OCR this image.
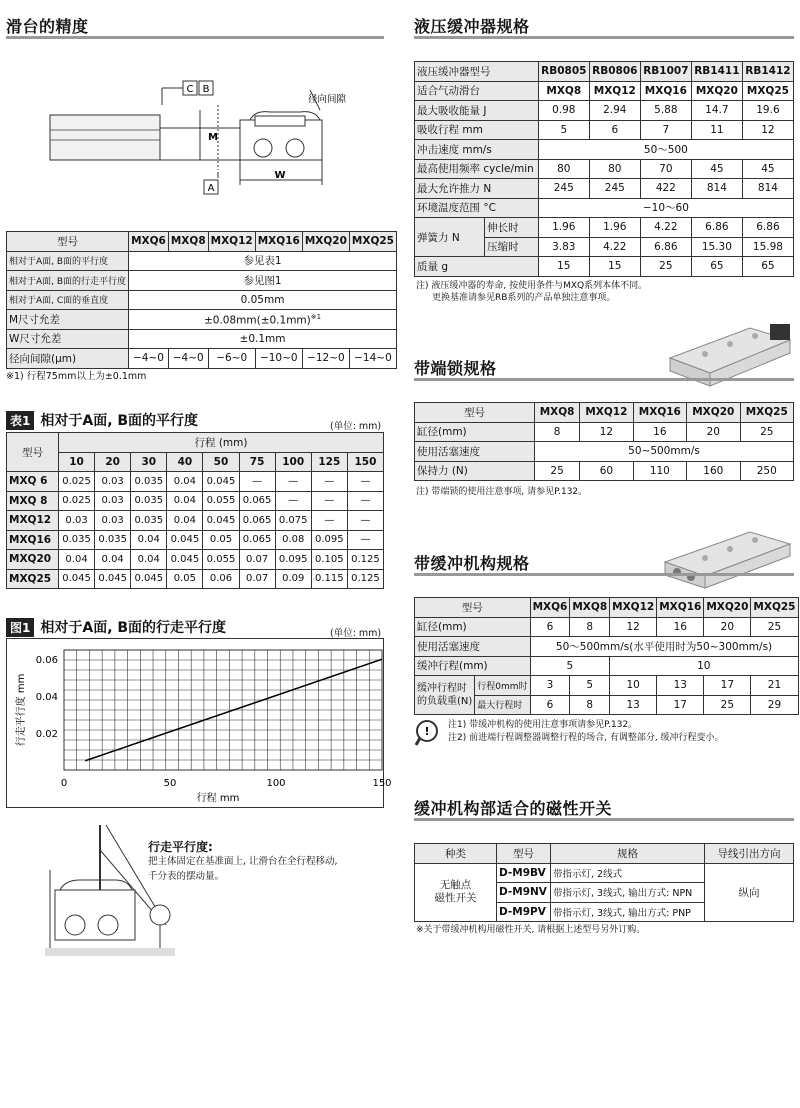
滑台的精度
C B
A
M
W
径向间隙
型号	MXQ6	MXQ8	MXQ12	MXQ16	MXQ20	MXQ25
相对于A面, B面的平行度	参见表1					
相对于A面, B面的行走平行度	参见图1					
相对于A面, C面的垂直度	0.05mm					
M尺寸允差	$\pm 0.08mm(\pm 0.1mm)^{※1}$
W尺寸允差	±0.1mm					
径向间隙(μm)	−4~0	−4~0	−6~0	−10~0	−12~0	−14~0
※1) 行程75mm以上为±0.1mm
表1 相对于A面, B面的平行度	(单位: mm)
型号	行程 (mm)								
	10	20	30	40	50	75	100	125	150
MXQ 6	0.025	0.03	0.035	0.04	0.045	—	—	—	—
MXQ 8	0.025	0.03	0.035	0.04	0.055	0.065	—	—	—
MXQ12	0.03	0.03	0.035	0.04	0.045	0.065	0.075	—	—
MXQ16	0.035	0.035	0.04	0.045	0.05	0.065	0.08	0.095	—
MXQ20	0.04	0.04	0.04	0.045	0.055	0.07	0.095	0.105	0.125
MXQ25	0.045	0.045	0.045	0.05	0.06	0.07	0.09	0.115	0.125
图1 相对于A面, B面的行走平行度	(单位: mm)
0.02
0.04
0.06
0	50	100	150
行程 mm
行走平行度 mm
行走平行度:
把主体固定在基准面上, 让滑台在全行程移动,
千分表的摆动量。
液压缓冲器规格
液压缓冲器型号		RB0805	RB0806	RB1007	RB1411	RB1412
适合气动滑台		MXQ8	MXQ12	MXQ16	MXQ20	MXQ25
最大吸收能量 J		0.98	2.94	5.88	14.7	19.6
吸收行程 mm		5	6	7	11	12
冲击速度 mm/s		50～500				
最高使用频率 cycle/min		80	80	70	45	45
最大允许推力 N		245	245	422	814	814
环境温度范围 °C		−10～60				
弹簧力 N	伸长时	1.96	1.96	4.22	6.86	6.86
	压缩时	3.83	4.22	6.86	15.30	15.98
质量 g		15	15	25	65	65
注) 液压缓冲器的寿命, 按使用条件与MXQ系列本体不同。
更换基准请参见RB系列的产品单独注意事项。
带端锁规格
型号	MXQ8	MXQ12	MXQ16	MXQ20	MXQ25
缸径(mm)	8	12	16	20	25
使用活塞速度	50~500mm/s				
保持力 (N)	25	60	110	160	250
注) 带端锁的使用注意事项, 请参见P.132。
带缓冲机构规格
型号		MXQ6	MXQ8	MXQ12	MXQ16	MXQ20	MXQ25
缸径(mm)		6	8	12	16	20	25
使用活塞速度		50～500mm/s(水平使用时为50~300mm/s)					
缓冲行程(mm)		5		10			

缓冲行程时
的负载重(N)	行程0mm时	3	5	10	13	17	21
	最大行程时	6	8	13	17	25	29
! 注1) 带缓冲机构的使用注意事项请参见P.132。
注2) 前进端行程调整器调整行程的场合, 有调整部分, 缓冲行程变小。
缓冲机构部适合的磁性开关
种类	型号	规格	导线引出方向

无触点
磁性开关	D-M9BV	带指示灯, 2线式	纵向
	D-M9NV	带指示灯, 3线式, 输出方式: NPN	
	D-M9PV	带指示灯, 3线式, 输出方式: PNP	
※关于带缓冲机构用磁性开关, 请根据上述型号另外订购。
